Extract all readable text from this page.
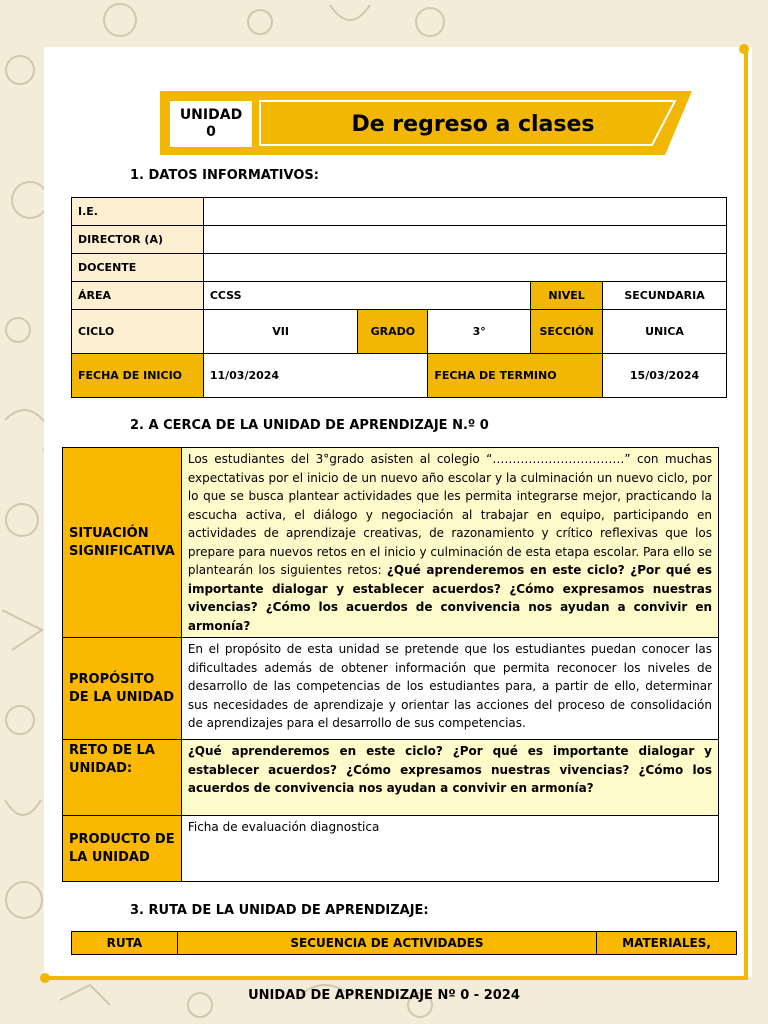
UNIDAD
0	De regreso a clases
1. DATOS INFORMATIVOS:
I.E.					
DIRECTOR (A)					
DOCENTE					
ÁREA	CCSS			NIVEL	SECUNDARIA
CICLO	VII	GRADO	3°	SECCIÓN	UNICA
FECHA DE INICIO	11/03/2024		FECHA DE TERMINO		15/03/2024
2. A CERCA DE LA UNIDAD DE APRENDIZAJE N.º 0
SITUACIÓN SIGNIFICATIVA	Los estudiantes del 3°grado asisten al colegio “……………………………” con muchas expectativas por el inicio de un nuevo año escolar y la culminación un nuevo ciclo, por lo que se busca plantear actividades que les permita integrarse mejor, practicando la escucha activa, el diálogo y negociación al trabajar en equipo, participando en actividades de aprendizaje creativas, de razonamiento y crítico reflexivas que los prepare para nuevos retos en el inicio y culminación de esta etapa escolar. Para ello se plantearán los siguientes retos: ¿Qué aprenderemos en este ciclo? ¿Por qué es importante dialogar y establecer acuerdos? ¿Cómo expresamos nuestras vivencias? ¿Cómo los acuerdos de convivencia nos ayudan a convivir en armonía?
PROPÓSITO DE LA UNIDAD	En el propósito de esta unidad se pretende que los estudiantes puedan conocer las dificultades además de obtener información que permita reconocer los niveles de desarrollo de las competencias de los estudiantes para, a partir de ello, determinar sus necesidades de aprendizaje y orientar las acciones del proceso de consolidación de aprendizajes para el desarrollo de sus competencias.
RETO DE LA UNIDAD:	¿Qué aprenderemos en este ciclo? ¿Por qué es importante dialogar y establecer acuerdos? ¿Cómo expresamos nuestras vivencias? ¿Cómo los acuerdos de convivencia nos ayudan a convivir en armonía?
PRODUCTO DE LA UNIDAD	Ficha de evaluación diagnostica
3. RUTA DE LA UNIDAD DE APRENDIZAJE:
RUTA	SECUENCIA DE ACTIVIDADES	MATERIALES,
UNIDAD DE APRENDIZAJE Nº 0 - 2024
